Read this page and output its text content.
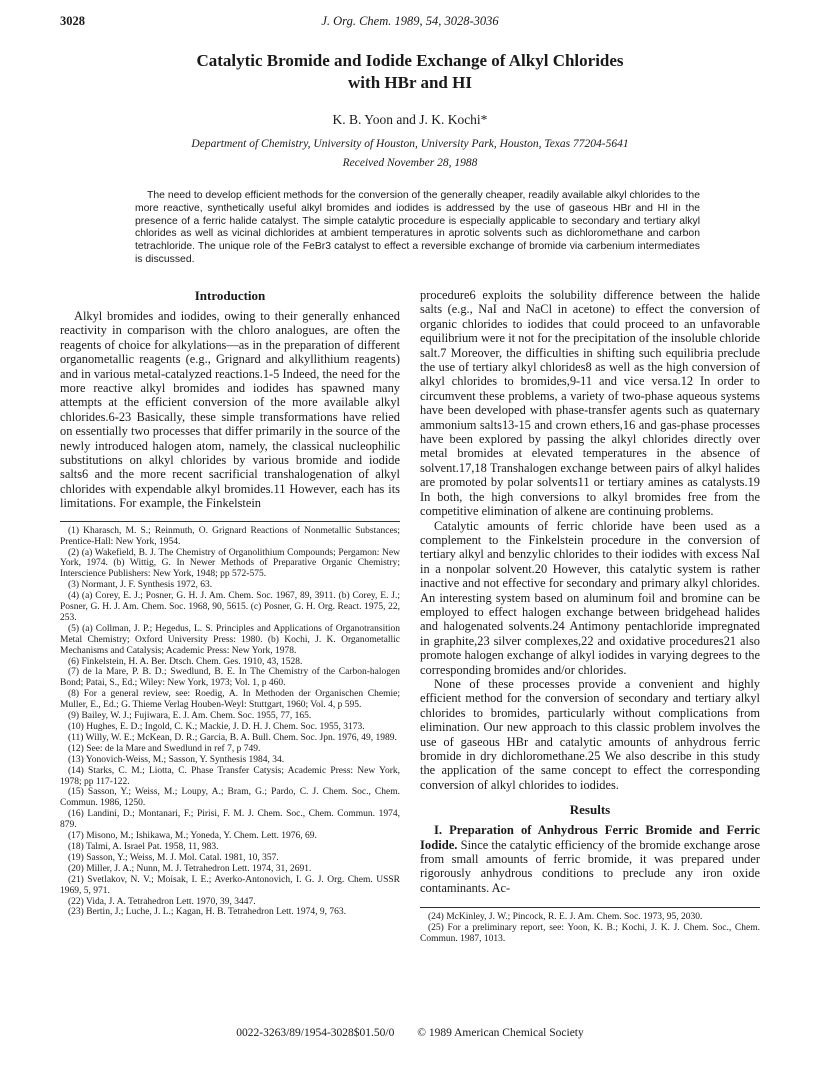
3028	J. Org. Chem. 1989, 54, 3028-3036
Catalytic Bromide and Iodide Exchange of Alkyl Chlorides
with HBr and HI
K. B. Yoon and J. K. Kochi*
Department of Chemistry, University of Houston, University Park, Houston, Texas 77204-5641
Received November 28, 1988

The need to develop efficient methods for the conversion of the generally cheaper, readily available alkyl chlorides to the more reactive, synthetically useful alkyl bromides and iodides is addressed by the use of gaseous HBr and HI in the presence of a ferric halide catalyst. The simple catalytic procedure is especially applicable to secondary and tertiary alkyl chlorides as well as vicinal dichlorides at ambient temperatures in aprotic solvents such as dichloromethane and carbon tetrachloride. The unique role of the FeBr3 catalyst to effect a reversible exchange of bromide via carbenium intermediates is discussed.

Introduction

Alkyl bromides and iodides, owing to their generally enhanced reactivity in comparison with the chloro analogues, are often the reagents of choice for alkylations—as in the preparation of different organometallic reagents (e.g., Grignard and alkyllithium reagents) and in various metal-catalyzed reactions.1-5 Indeed, the need for the more reactive alkyl bromides and iodides has spawned many attempts at the efficient conversion of the more available alkyl chlorides.6-23 Basically, these simple transformations have relied on essentially two processes that differ primarily in the source of the newly introduced halogen atom, namely, the classical nucleophilic substitutions on alkyl chlorides by various bromide and iodide salts6 and the more recent sacrificial transhalogenation of alkyl chlorides with expendable alkyl bromides.11 However, each has its limitations. For example, the Finkelstein

(1) Kharasch, M. S.; Reinmuth, O. Grignard Reactions of Nonmetallic Substances; Prentice-Hall: New York, 1954.

(2) (a) Wakefield, B. J. The Chemistry of Organolithium Compounds; Pergamon: New York, 1974. (b) Wittig, G. In Newer Methods of Preparative Organic Chemistry; Interscience Publishers: New York, 1948; pp 572-575.

(3) Normant, J. F. Synthesis 1972, 63.

(4) (a) Corey, E. J.; Posner, G. H. J. Am. Chem. Soc. 1967, 89, 3911. (b) Corey, E. J.; Posner, G. H. J. Am. Chem. Soc. 1968, 90, 5615. (c) Posner, G. H. Org. React. 1975, 22, 253.

(5) (a) Collman, J. P.; Hegedus, L. S. Principles and Applications of Organotransition Metal Chemistry; Oxford University Press: 1980. (b) Kochi, J. K. Organometallic Mechanisms and Catalysis; Academic Press: New York, 1978.

(6) Finkelstein, H. A. Ber. Dtsch. Chem. Ges. 1910, 43, 1528.

(7) de la Mare, P. B. D.; Swedlund, B. E. In The Chemistry of the Carbon-halogen Bond; Patai, S., Ed.; Wiley: New York, 1973; Vol. 1, p 460.

(8) For a general review, see: Roedig, A. In Methoden der Organischen Chemie; Muller, E., Ed.; G. Thieme Verlag Houben-Weyl: Stuttgart, 1960; Vol. 4, p 595.

(9) Bailey, W. J.; Fujiwara, E. J. Am. Chem. Soc. 1955, 77, 165.

(10) Hughes, E. D.; Ingold, C. K.; Mackie, J. D. H. J. Chem. Soc. 1955, 3173.

(11) Willy, W. E.; McKean, D. R.; Garcia, B. A. Bull. Chem. Soc. Jpn. 1976, 49, 1989.

(12) See: de la Mare and Swedlund in ref 7, p 749.

(13) Yonovich-Weiss, M.; Sasson, Y. Synthesis 1984, 34.

(14) Starks, C. M.; Liotta, C. Phase Transfer Catysis; Academic Press: New York, 1978; pp 117-122.

(15) Sasson, Y.; Weiss, M.; Loupy, A.; Bram, G.; Pardo, C. J. Chem. Soc., Chem. Commun. 1986, 1250.

(16) Landini, D.; Montanari, F.; Pirisi, F. M. J. Chem. Soc., Chem. Commun. 1974, 879.

(17) Misono, M.; Ishikawa, M.; Yoneda, Y. Chem. Lett. 1976, 69.

(18) Talmi, A. Israel Pat. 1958, 11, 983.

(19) Sasson, Y.; Weiss, M. J. Mol. Catal. 1981, 10, 357.

(20) Miller, J. A.; Nunn, M. J. Tetrahedron Lett. 1974, 31, 2691.

(21) Svetlakov, N. V.; Moisak, I. E.; Averko-Antonovich, I. G. J. Org. Chem. USSR 1969, 5, 971.

(22) Vida, J. A. Tetrahedron Lett. 1970, 39, 3447.

(23) Bertin, J.; Luche, J. L.; Kagan, H. B. Tetrahedron Lett. 1974, 9, 763.

procedure6 exploits the solubility difference between the halide salts (e.g., NaI and NaCl in acetone) to effect the conversion of organic chlorides to iodides that could proceed to an unfavorable equilibrium were it not for the precipitation of the insoluble chloride salt.7 Moreover, the difficulties in shifting such equilibria preclude the use of tertiary alkyl chlorides8 as well as the high conversion of alkyl chlorides to bromides,9-11 and vice versa.12 In order to circumvent these problems, a variety of two-phase aqueous systems have been developed with phase-transfer agents such as quaternary ammonium salts13-15 and crown ethers,16 and gas-phase processes have been explored by passing the alkyl chlorides directly over metal bromides at elevated temperatures in the absence of solvent.17,18 Transhalogen exchange between pairs of alkyl halides are promoted by polar solvents11 or tertiary amines as catalysts.19 In both, the high conversions to alkyl bromides free from the competitive elimination of alkene are continuing problems.

Catalytic amounts of ferric chloride have been used as a complement to the Finkelstein procedure in the conversion of tertiary alkyl and benzylic chlorides to their iodides with excess NaI in a nonpolar solvent.20 However, this catalytic system is rather inactive and not effective for secondary and primary alkyl chlorides. An interesting system based on aluminum foil and bromine can be employed to effect halogen exchange between bridgehead halides and halogenated solvents.24 Antimony pentachloride impregnated in graphite,23 silver complexes,22 and oxidative procedures21 also promote halogen exchange of alkyl iodides in varying degrees to the corresponding bromides and/or chlorides.

None of these processes provide a convenient and highly efficient method for the conversion of secondary and tertiary alkyl chlorides to bromides, particularly without complications from elimination. Our new approach to this classic problem involves the use of gaseous HBr and catalytic amounts of anhydrous ferric bromide in dry dichloromethane.25 We also describe in this study the application of the same concept to effect the corresponding conversion of alkyl chlorides to iodides.

Results

I. Preparation of Anhydrous Ferric Bromide and Ferric Iodide. Since the catalytic efficiency of the bromide exchange arose from small amounts of ferric bromide, it was prepared under rigorously anhydrous conditions to preclude any iron oxide contaminants. Ac-

(24) McKinley, J. W.; Pincock, R. E. J. Am. Chem. Soc. 1973, 95, 2030.

(25) For a preliminary report, see: Yoon, K. B.; Kochi, J. K. J. Chem. Soc., Chem. Commun. 1987, 1013.

0022-3263/89/1954-3028$01.50/0 © 1989 American Chemical Society
